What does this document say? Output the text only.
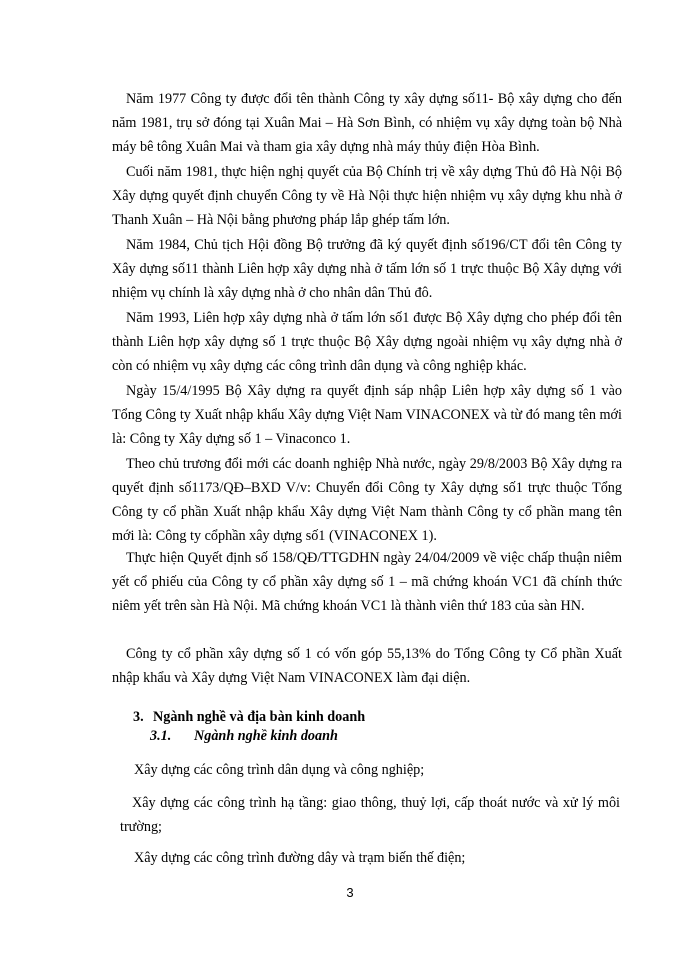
Năm 1977 Công ty được đổi tên thành Công ty xây dựng số11- Bộ xây dựng cho đến năm 1981, trụ sở đóng tại Xuân Mai – Hà Sơn Bình, có nhiệm vụ xây dựng toàn bộ Nhà máy bê tông Xuân Mai và tham gia xây dựng nhà máy thủy điện Hòa Bình.

Cuối năm 1981, thực hiện nghị quyết của Bộ Chính trị về xây dựng Thủ đô Hà Nội Bộ Xây dựng quyết định chuyển Công ty về Hà Nội thực hiện nhiệm vụ xây dựng khu nhà ở Thanh Xuân – Hà Nội bằng phương pháp lắp ghép tấm lớn.

Năm 1984, Chủ tịch Hội đồng Bộ trưởng đã ký quyết định số196/CT đổi tên Công ty Xây dựng số11 thành Liên hợp xây dựng nhà ở tấm lớn số 1 trực thuộc Bộ Xây dựng với nhiệm vụ chính là xây dựng nhà ở cho nhân dân Thủ đô.

Năm 1993, Liên hợp xây dựng nhà ở tấm lớn số1 được Bộ Xây dựng cho phép đổi tên thành Liên hợp xây dựng số 1 trực thuộc Bộ Xây dựng ngoài nhiệm vụ xây dựng nhà ở còn có nhiệm vụ xây dựng các công trình dân dụng và công nghiệp khác.

Ngày 15/4/1995 Bộ Xây dựng ra quyết định sáp nhập Liên hợp xây dựng số 1 vào Tổng Công ty Xuất nhập khẩu Xây dựng Việt Nam VINACONEX và từ đó mang tên mới là: Công ty Xây dựng số 1 – Vinaconco 1.

Theo chủ trương đổi mới các doanh nghiệp Nhà nước, ngày 29/8/2003 Bộ Xây dựng ra quyết định số1173/QĐ–BXD V/v: Chuyển đổi Công ty Xây dựng số1 trực thuộc Tổng Công ty cổ phần Xuất nhập khẩu Xây dựng Việt Nam thành Công ty cổ phần mang tên mới là: Công ty cổphần xây dựng số1 (VINACONEX 1).

Thực hiện Quyết định số 158/QĐ/TTGDHN ngày 24/04/2009 về việc chấp thuận niêm yết cổ phiếu của Công ty cổ phần xây dựng số 1 – mã chứng khoán VC1 đã chính thức niêm yết trên sàn Hà Nội. Mã chứng khoán VC1 là thành viên thứ 183 của sàn HN.

Công ty cổ phần xây dựng số 1 có vốn góp 55,13% do Tổng Công ty Cổ phần Xuất nhập khẩu và Xây dựng Việt Nam VINACONEX làm đại diện.

3. Ngành nghề và địa bàn kinh doanh
3.1. Ngành nghề kinh doanh

Xây dựng các công trình dân dụng và công nghiệp;

Xây dựng các công trình hạ tầng: giao thông, thuỷ lợi, cấp thoát nước và xử lý môi trường;

Xây dựng các công trình đường dây và trạm biến thế điện;

3
